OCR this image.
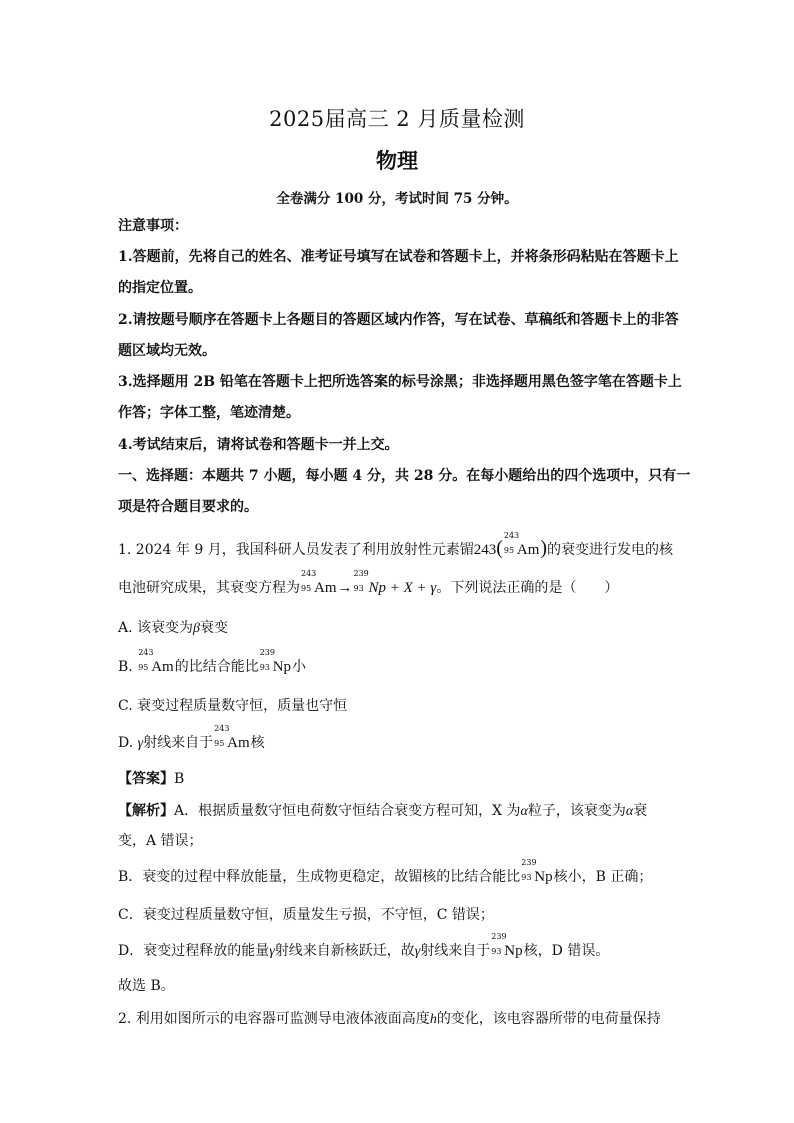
2025届高三 2 月质量检测
物理
全卷满分 100 分，考试时间 75 分钟。
注意事项：
1.答题前，先将自己的姓名、准考证号填写在试卷和答题卡上，并将条形码粘贴在答题卡上
的指定位置。
2.请按题号顺序在答题卡上各题目的答题区域内作答，写在试卷、草稿纸和答题卡上的非答
题区域均无效。
3.选择题用 2B 铅笔在答题卡上把所选答案的标号涂黑；非选择题用黑色签字笔在答题卡上
作答；字体工整，笔迹清楚。
4.考试结束后，请将试卷和答题卡一并上交。
一、选择题：本题共 7 小题，每小题 4 分，共 28 分。在每小题给出的四个选项中，只有一
项是符合题目要求的。
1. 2024 年 9 月，我国科研人员发表了利用放射性元素镅243(
243
95 Am)的衰变进行发电的核
电池研究成果，其衰变方程为
243
95 Am→
239
93 Np + X + γ。下列说法正确的是（　　）
A. 该衰变为β衰变
B.
243
95 Am的比结合能比
239
93 Np小
C. 衰变过程质量数守恒，质量也守恒
D. γ射线来自于
243
95 Am核
【答案】B
【解析】A．根据质量数守恒电荷数守恒结合衰变方程可知，X 为α粒子，该衰变为α衰
变，A 错误；
B．衰变的过程中释放能量，生成物更稳定，故镅核的比结合能比
239
93 Np核小，B 正确；
C．衰变过程质量数守恒，质量发生亏损，不守恒，C 错误；
D．衰变过程释放的能量γ射线来自新核跃迁，故γ射线来自于
239
93 Np核，D 错误。
故选 B。
2. 利用如图所示的电容器可监测导电液体液面高度h的变化，该电容器所带的电荷量保持
